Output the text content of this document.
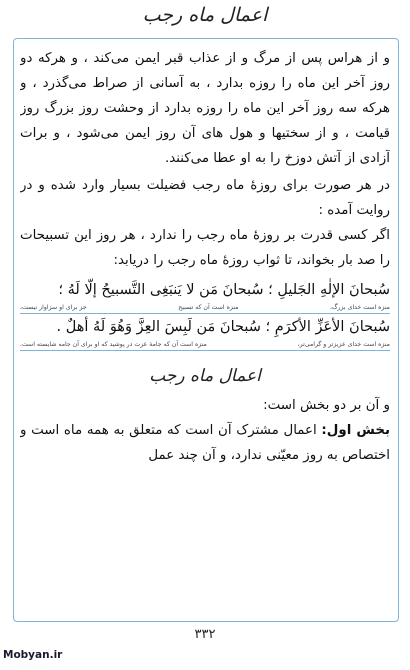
اعمال ماه رجب

و از هراس پس از مرگ و از عذاب قبر ایمن می‌کند ، و هرکه دو روز آخر این ماه را روزه بدارد ، به آسانی از صراط می‌گذرد ، و هرکه سه روز آخر این ماه را روزه بدارد از وحشت روز بزرگ روز قیامت ، و از سختیها و هول های آن روز ایمن می‌شود ، و برات آزادی از آتش دوزخ را به او عطا می‌کنند.

در هر صورت برای روزهٔ ماه رجب فضیلت بسیار وارد شده و در روایت آمده :

اگر کسی قدرت بر روزهٔ ماه رجب را ندارد ، هر روز این تسبیحات را صد بار بخواند، تا ثواب روزهٔ ماه رجب را دریابد:

سُبحانَ الإلٰهِ الجَلیلِ ؛ سُبحانَ مَن لا یَنبَغِی التَّسبیحُ إلّا لَهُ ؛
منزه است خدای بزرگ،
منزه است آن که تسبیح
جز برای او سزاوار نیست،
سُبحانَ الأعَزِّ الأکرَمِ ؛ سُبحانَ مَن لَبِسَ العِزَّ وَهُوَ لَهُ أهلٌ .
منزه است خدای عزیزتر و گرامی‌تر،
منزه است آن که جامهٔ عزت در پوشید که او برای آن جامه شایسته است.
اعمال ماه رجب

و آن بر دو بخش است:

بخش اول: اعمال مشترک آن است که متعلق به همه ماه است و اختصاص به روز معیّنی ندارد، و آن چند عمل

۳۳۲
Mobyan.ir
